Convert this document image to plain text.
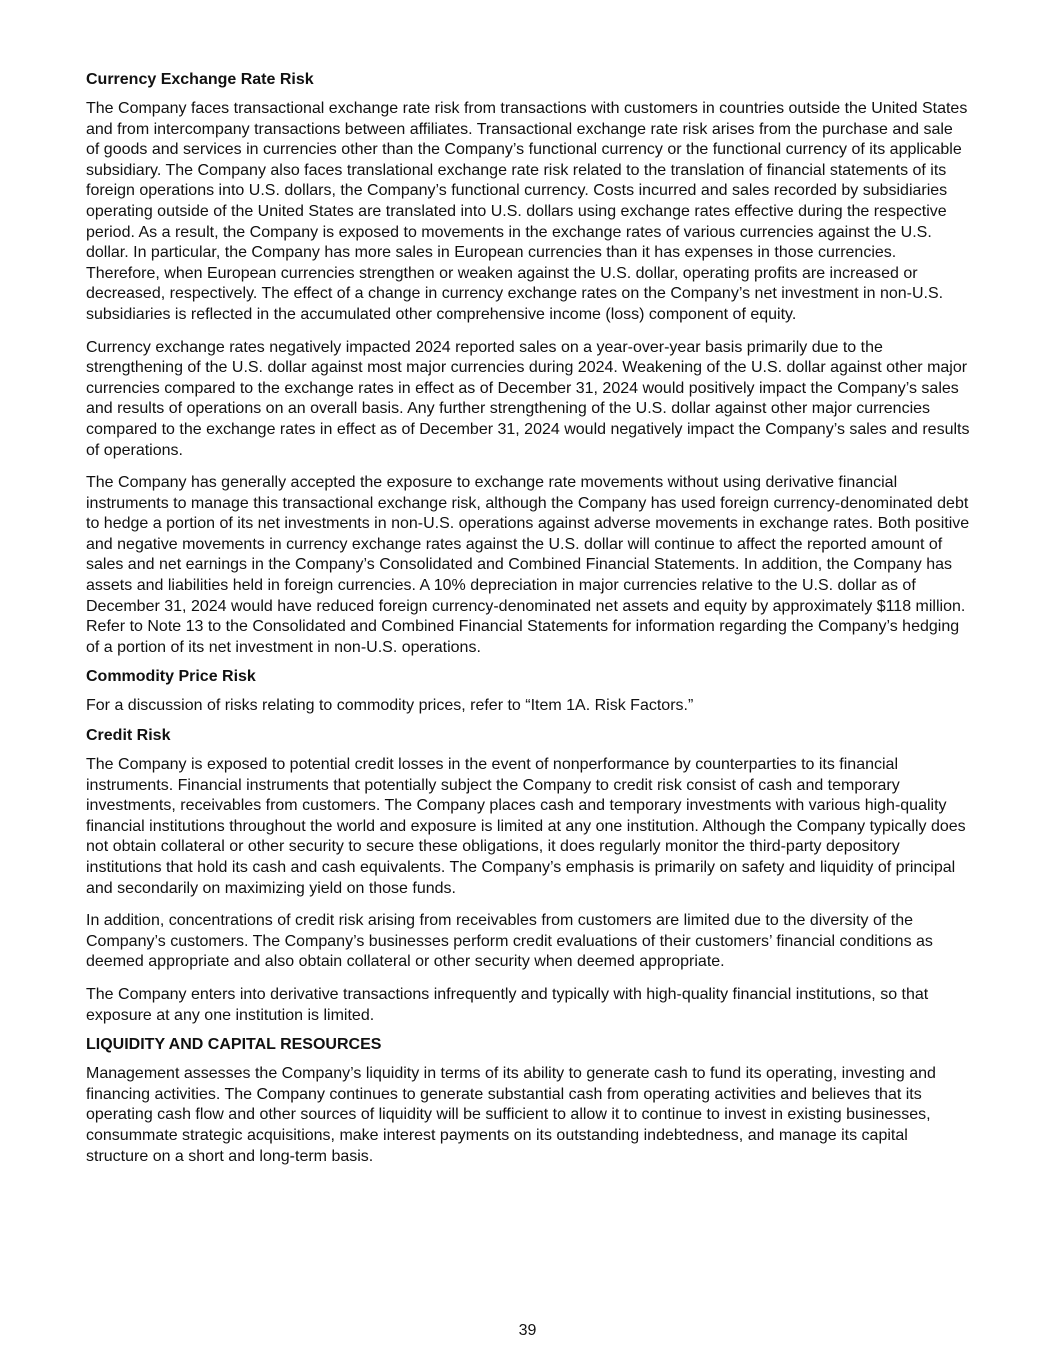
Currency Exchange Rate Risk

The Company faces transactional exchange rate risk from transactions with customers in countries outside the United States and from intercompany transactions between affiliates. Transactional exchange rate risk arises from the purchase and sale of goods and services in currencies other than the Company’s functional currency or the functional currency of its applicable subsidiary. The Company also faces translational exchange rate risk related to the translation of financial statements of its foreign operations into U.S. dollars, the Company’s functional currency. Costs incurred and sales recorded by subsidiaries operating outside of the United States are translated into U.S. dollars using exchange rates effective during the respective period. As a result, the Company is exposed to movements in the exchange rates of various currencies against the U.S. dollar. In particular, the Company has more sales in European currencies than it has expenses in those currencies. Therefore, when European currencies strengthen or weaken against the U.S. dollar, operating profits are increased or decreased, respectively. The effect of a change in currency exchange rates on the Company’s net investment in non-U.S. subsidiaries is reflected in the accumulated other comprehensive income (loss) component of equity.

Currency exchange rates negatively impacted 2024 reported sales on a year-over-year basis primarily due to the strengthening of the U.S. dollar against most major currencies during 2024. Weakening of the U.S. dollar against other major currencies compared to the exchange rates in effect as of December 31, 2024 would positively impact the Company’s sales and results of operations on an overall basis. Any further strengthening of the U.S. dollar against other major currencies compared to the exchange rates in effect as of December 31, 2024 would negatively impact the Company’s sales and results of operations.

The Company has generally accepted the exposure to exchange rate movements without using derivative financial instruments to manage this transactional exchange risk, although the Company has used foreign currency-denominated debt to hedge a portion of its net investments in non-U.S. operations against adverse movements in exchange rates. Both positive and negative movements in currency exchange rates against the U.S. dollar will continue to affect the reported amount of sales and net earnings in the Company’s Consolidated and Combined Financial Statements. In addition, the Company has assets and liabilities held in foreign currencies. A 10% depreciation in major currencies relative to the U.S. dollar as of December 31, 2024 would have reduced foreign currency-denominated net assets and equity by approximately $118 million. Refer to Note 13 to the Consolidated and Combined Financial Statements for information regarding the Company’s hedging of a portion of its net investment in non-U.S. operations.

Commodity Price Risk

For a discussion of risks relating to commodity prices, refer to “Item 1A. Risk Factors.”

Credit Risk

The Company is exposed to potential credit losses in the event of nonperformance by counterparties to its financial instruments. Financial instruments that potentially subject the Company to credit risk consist of cash and temporary investments, receivables from customers. The Company places cash and temporary investments with various high-quality financial institutions throughout the world and exposure is limited at any one institution. Although the Company typically does not obtain collateral or other security to secure these obligations, it does regularly monitor the third-party depository institutions that hold its cash and cash equivalents. The Company’s emphasis is primarily on safety and liquidity of principal and secondarily on maximizing yield on those funds.

In addition, concentrations of credit risk arising from receivables from customers are limited due to the diversity of the Company’s customers. The Company’s businesses perform credit evaluations of their customers’ financial conditions as deemed appropriate and also obtain collateral or other security when deemed appropriate.

The Company enters into derivative transactions infrequently and typically with high-quality financial institutions, so that exposure at any one institution is limited.

LIQUIDITY AND CAPITAL RESOURCES

Management assesses the Company’s liquidity in terms of its ability to generate cash to fund its operating, investing and financing activities. The Company continues to generate substantial cash from operating activities and believes that its operating cash flow and other sources of liquidity will be sufficient to allow it to continue to invest in existing businesses, consummate strategic acquisitions, make interest payments on its outstanding indebtedness, and manage its capital structure on a short and long-term basis.

39
